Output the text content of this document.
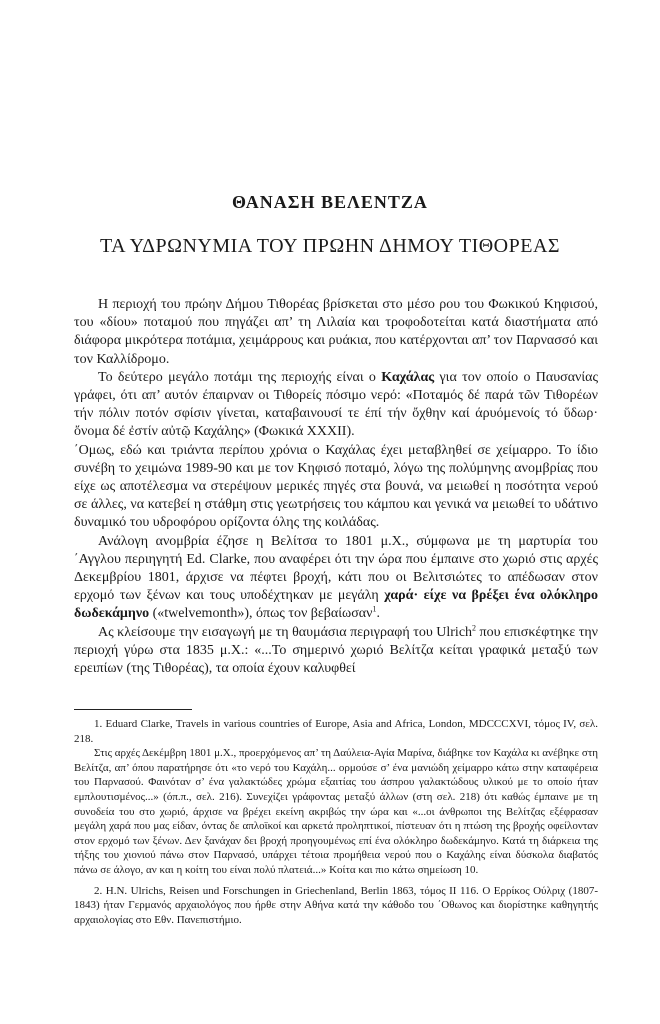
ΘΑΝΑΣΗ ΒΕΛΕΝΤΖΑ
ΤΑ ΥΔΡΩΝΥΜΙΑ ΤΟΥ ΠΡΩΗΝ ΔΗΜΟΥ ΤΙΘΟΡΕΑΣ

Η περιοχή του πρώην Δήμου Τιθορέας βρίσκεται στο μέσο ρου του Φωκικού Κηφισού, του «δίου» ποταμού που πηγάζει απ’ τη Λιλαία και τροφοδοτείται κατά διαστήματα από διάφορα μικρότερα ποτάμια, χειμάρρους και ρυάκια, που κατέρχονται απ’ τον Παρνασσό και τον Καλλίδρομο.

Το δεύτερο μεγάλο ποτάμι της περιοχής είναι ο Καχάλας για τον οποίο ο Παυσανίας γράφει, ότι απ’ αυτόν έπαιρναν οι Τιθορείς πόσιμο νερό: «Ποταμός δέ παρά τῶν Τιθορέων τήν πόλιν ποτόν σφίσιν γίνεται, καταβαινουσί τε έπί τήν ὄχθην καί άρυόμενοίς τό ὕδωρ· ὄνομα δέ ἐστίν αὐτῷ Καχάλης» (Φωκικά XXXII).

΄Ομως, εδώ και τριάντα περίπου χρόνια ο Καχάλας έχει μεταβληθεί σε χείμαρρο. Το ίδιο συνέβη το χειμώνα 1989-90 και με τον Κηφισό ποταμό, λόγω της πολύμηνης ανομβρίας που είχε ως αποτέλεσμα να στερέψουν μερικές πηγές στα βουνά, να μειωθεί η ποσότητα νερού σε άλλες, να κατεβεί η στάθμη στις γεωτρήσεις του κάμπου και γενικά να μειωθεί το υδάτινο δυναμικό του υδροφόρου ορίζοντα όλης της κοιλάδας.

Ανάλογη ανομβρία έζησε η Βελίτσα το 1801 μ.Χ., σύμφωνα με τη μαρτυρία του ΄Αγγλου περιηγητή Ed. Clarke, που αναφέρει ότι την ώρα που έμπαινε στο χωριό στις αρχές Δεκεμβρίου 1801, άρχισε να πέφτει βροχή, κάτι που οι Βελιτσιώτες το απέδωσαν στον ερχομό των ξένων και τους υποδέχτηκαν με μεγάλη χαρά· είχε να βρέξει ένα ολόκληρο δωδεκάμηνο («twelvemonth»), όπως τον βεβαίωσαν$^1$.

Ας κλείσουμε την εισαγωγή με τη θαυμάσια περιγραφή του Ulrich$^2$ που επισκέφτηκε την περιοχή γύρω στα 1835 μ.Χ.: «...Το σημερινό χωριό Βελίτζα κείται γραφικά μεταξύ των ερειπίων (της Τιθορέας), τα οποία έχουν καλυφθεί

1. Eduard Clarke, Travels in various countries of Europe, Asia and Africa, London, MDCCCXVI, τόμος IV, σελ. 218.

Στις αρχές Δεκέμβρη 1801 μ.Χ., προερχόμενος απ’ τη Δαύλεια-Αγία Μαρίνα, διάβηκε τον Καχάλα κι ανέβηκε στη Βελίτζα, απ’ όπου παρατήρησε ότι «το νερό του Καχάλη... ορμούσε σ’ ένα μανιώδη χείμαρρο κάτω στην καταφέρεια του Παρνασού. Φαινόταν σ’ ένα γαλακτώδες χρώμα εξαιτίας του άσπρου γαλακτώδους υλικού με το οποίο ήταν εμπλουτισμένος...» (όπ.π., σελ. 216). Συνεχίζει γράφοντας μεταξύ άλλων (στη σελ. 218) ότι καθώς έμπαινε με τη συνοδεία του στο χωριό, άρχισε να βρέχει εκείνη ακριβώς την ώρα και «...οι άνθρωποι της Βελίτζας εξέφρασαν μεγάλη χαρά που μας είδαν, όντας δε απλοϊκοί και αρκετά προληπτικοί, πίστευαν ότι η πτώση της βροχής οφείλονταν στον ερχομό των ξένων. Δεν ξανάχαν δει βροχή προηγουμένως επί ένα ολόκληρο δωδεκάμηνο. Κατά τη διάρκεια της τήξης του χιονιού πάνω στον Παρνασό, υπάρχει τέτοια προμήθεια νερού που ο Καχάλης είναι δύσκολα διαβατός πάνω σε άλογο, αν και η κοίτη του είναι πολύ πλατειά...» Κοίτα και πιο κάτω σημείωση 10.

2. H.N. Ulrichs, Reisen und Forschungen in Griechenland, Berlin 1863, τόμος II 116. Ο Ερρίκος Ούλριχ (1807-1843) ήταν Γερμανός αρχαιολόγος που ήρθε στην Αθήνα κατά την κάθοδο του ΄Οθωνος και διορίστηκε καθηγητής αρχαιολογίας στο Εθν. Πανεπιστήμιο.
